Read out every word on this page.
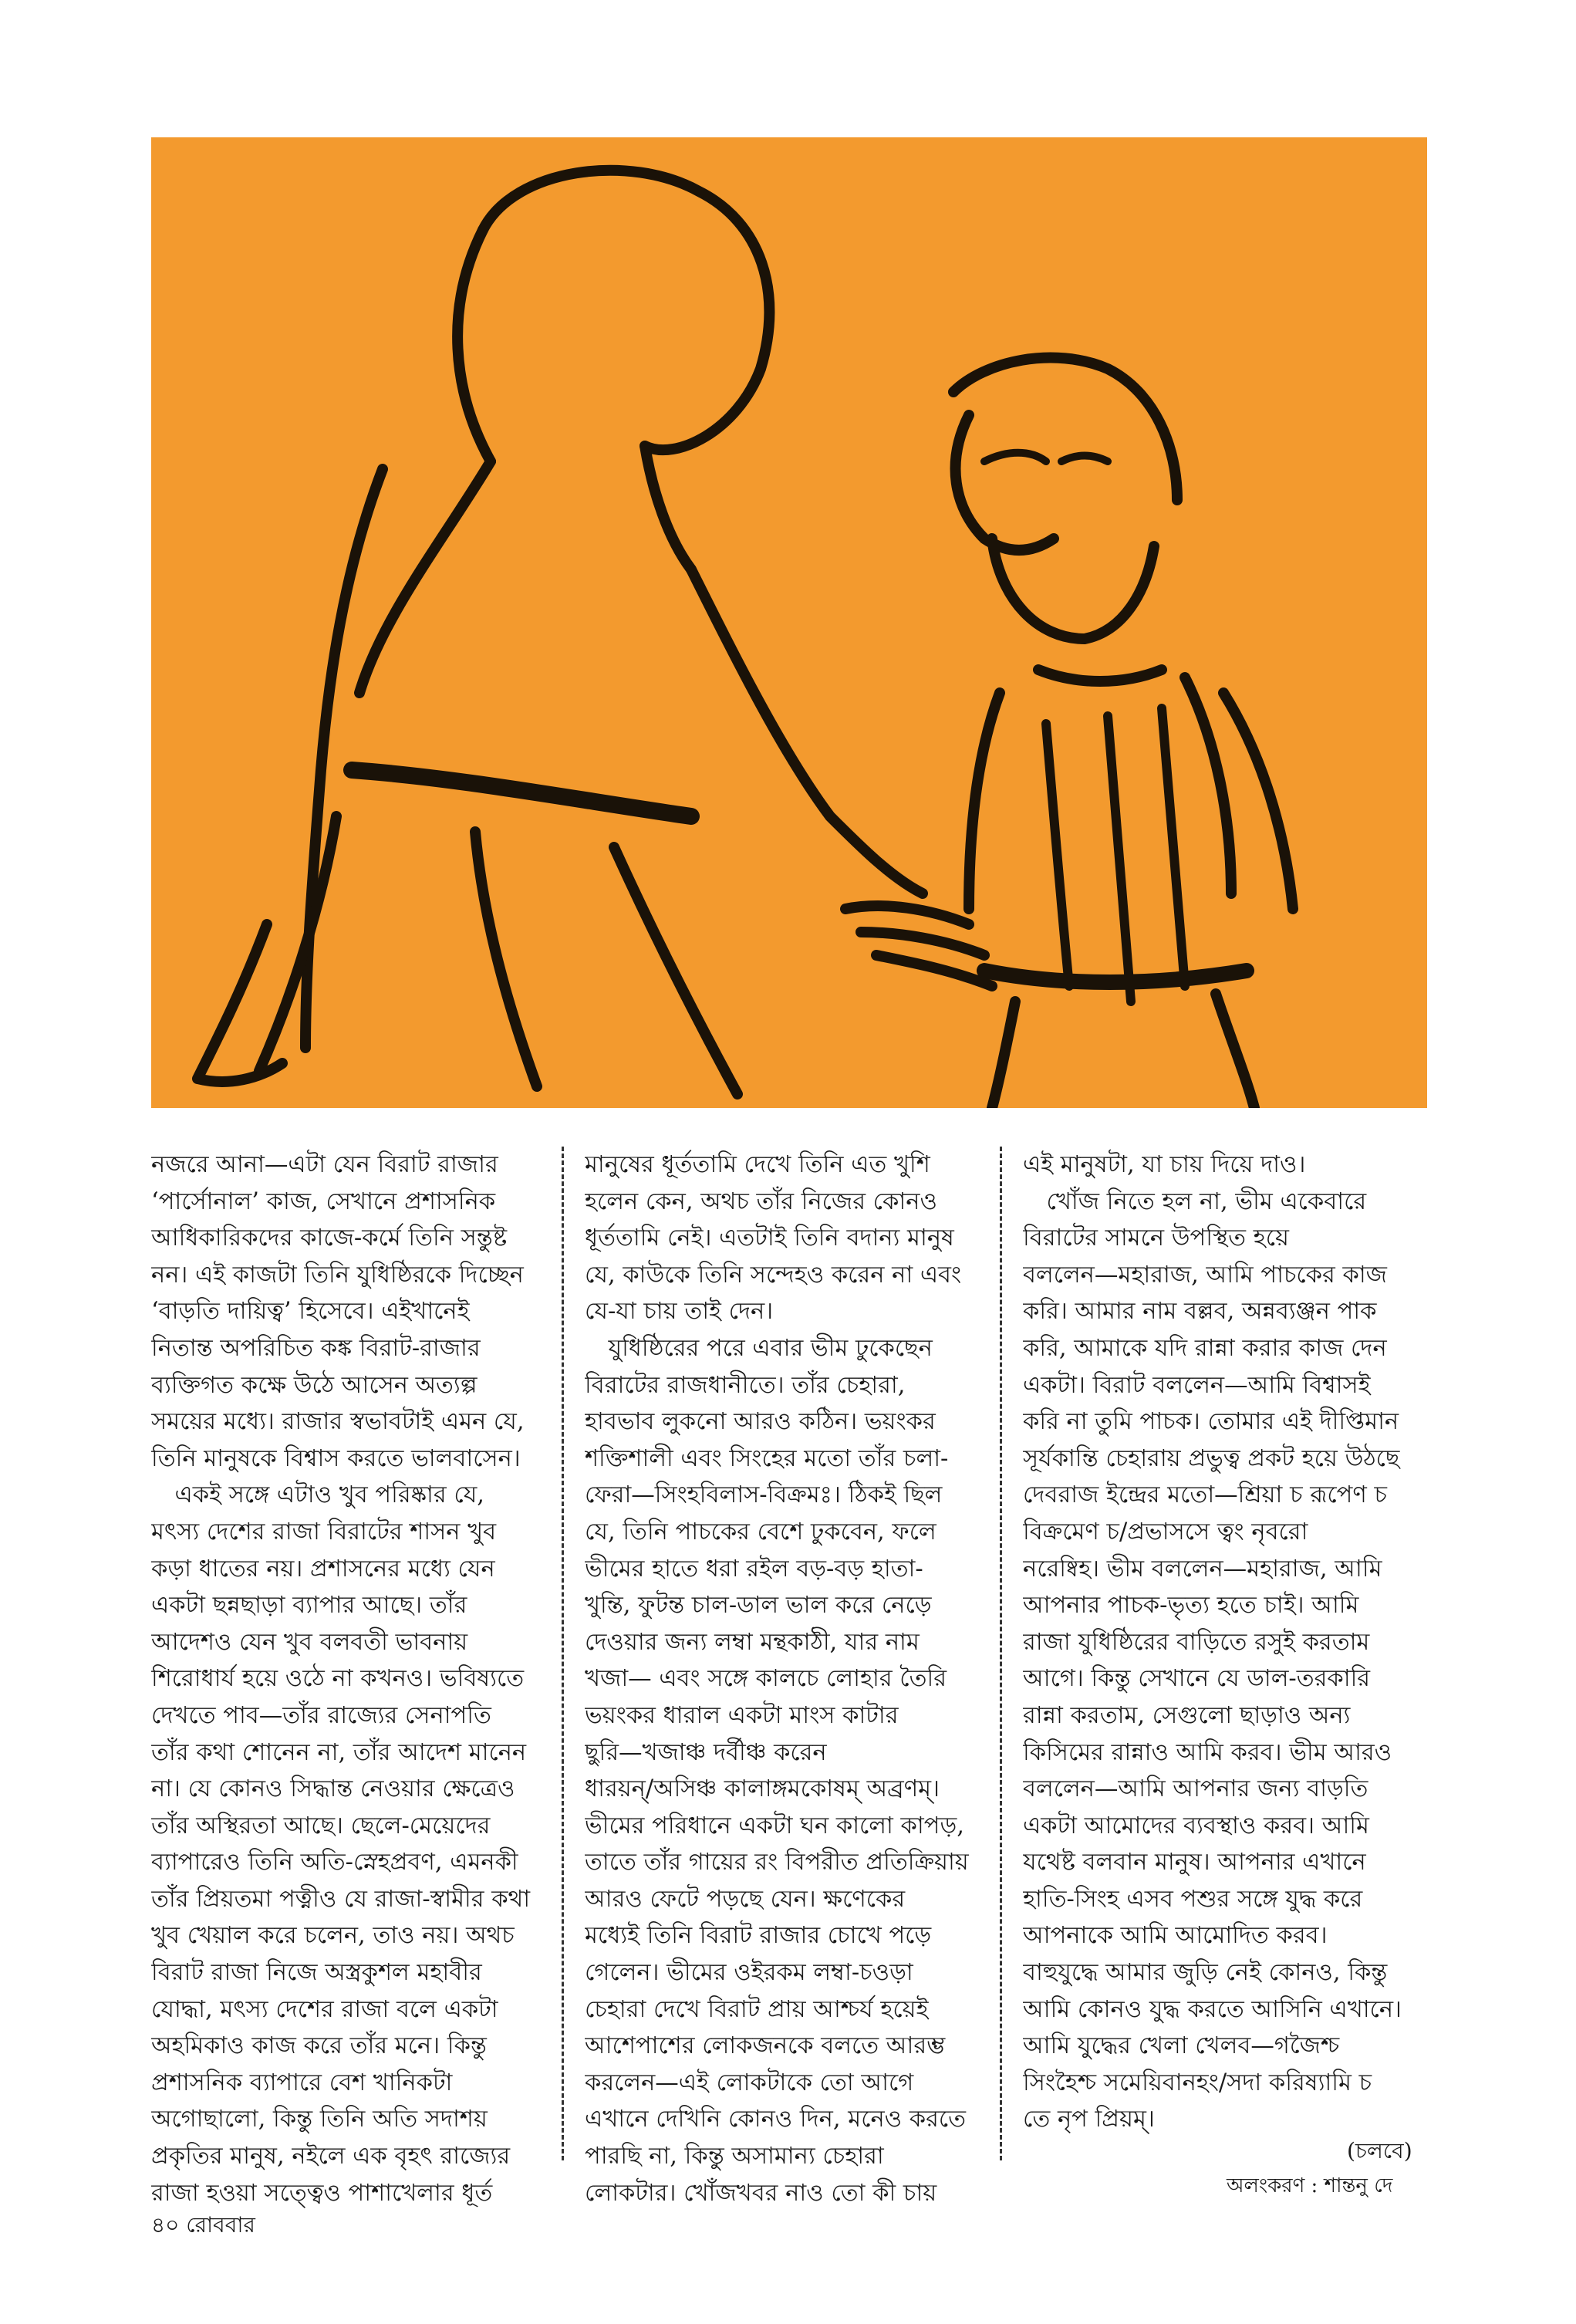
নজরে আনা—এটা যেন বিরাট রাজার

‘পার্সোনাল’ কাজ, সেখানে প্রশাসনিক

আধিকারিকদের কাজে-কর্মে তিনি সন্তুষ্ট

নন। এই কাজটা তিনি যুধিষ্ঠিরকে দিচ্ছেন

‘বাড়তি দায়িত্ব’ হিসেবে। এইখানেই

নিতান্ত অপরিচিত কঙ্ক বিরাট-রাজার

ব্যক্তিগত কক্ষে উঠে আসেন অত্যল্প

সময়ের মধ্যে। রাজার স্বভাবটাই এমন যে,

তিনি মানুষকে বিশ্বাস করতে ভালবাসেন।

 একই সঙ্গে এটাও খুব পরিষ্কার যে,

মৎস্য দেশের রাজা বিরাটের শাসন খুব

কড়া ধাতের নয়। প্রশাসনের মধ্যে যেন

একটা ছন্নছাড়া ব্যাপার আছে। তাঁর

আদেশও যেন খুব বলবতী ভাবনায়

শিরোধার্য হয়ে ওঠে না কখনও। ভবিষ্যতে

দেখতে পাব—তাঁর রাজ্যের সেনাপতি

তাঁর কথা শোনেন না, তাঁর আদেশ মানেন

না। যে কোনও সিদ্ধান্ত নেওয়ার ক্ষেত্রেও

তাঁর অস্থিরতা আছে। ছেলে-মেয়েদের

ব্যাপারেও তিনি অতি-স্নেহপ্রবণ, এমনকী

তাঁর প্রিয়তমা পত্নীও যে রাজা-স্বামীর কথা

খুব খেয়াল করে চলেন, তাও নয়। অথচ

বিরাট রাজা নিজে অস্ত্রকুশল মহাবীর

যোদ্ধা, মৎস্য দেশের রাজা বলে একটা

অহমিকাও কাজ করে তাঁর মনে। কিন্তু

প্রশাসনিক ব্যাপারে বেশ খানিকটা

অগোছালো, কিন্তু তিনি অতি সদাশয়

প্রকৃতির মানুষ, নইলে এক বৃহৎ রাজ্যের

রাজা হওয়া সত্ত্বেও পাশাখেলার ধূর্ত

মানুষের ধূর্ততামি দেখে তিনি এত খুশি

হলেন কেন, অথচ তাঁর নিজের কোনও

ধূর্ততামি নেই। এতটাই তিনি বদান্য মানুষ

যে, কাউকে তিনি সন্দেহও করেন না এবং

যে-যা চায় তাই দেন।

 যুধিষ্ঠিরের পরে এবার ভীম ঢুকেছেন

বিরাটের রাজধানীতে। তাঁর চেহারা,

হাবভাব লুকনো আরও কঠিন। ভয়ংকর

শক্তিশালী এবং সিংহের মতো তাঁর চলা-

ফেরা—সিংহবিলাস-বিক্রমঃ। ঠিকই ছিল

যে, তিনি পাচকের বেশে ঢুকবেন, ফলে

ভীমের হাতে ধরা রইল বড়-বড় হাতা-

খুন্তি, ফুটন্ত চাল-ডাল ভাল করে নেড়ে

দেওয়ার জন্য লম্বা মন্থকাঠী, যার নাম

খজা— এবং সঙ্গে কালচে লোহার তৈরি

ভয়ংকর ধারাল একটা মাংস কাটার

ছুরি—খজাঞ্চ দর্বীঞ্চ করেন

ধারয়ন্/অসিঞ্চ কালাঙ্গমকোষম্ অব্রণম্।

ভীমের পরিধানে একটা ঘন কালো কাপড়,

তাতে তাঁর গায়ের রং বিপরীত প্রতিক্রিয়ায়

আরও ফেটে পড়ছে যেন। ক্ষণেকের

মধ্যেই তিনি বিরাট রাজার চোখে পড়ে

গেলেন। ভীমের ওইরকম লম্বা-চওড়া

চেহারা দেখে বিরাট প্রায় আশ্চর্য হয়েই

আশেপাশের লোকজনকে বলতে আরম্ভ

করলেন—এই লোকটাকে তো আগে

এখানে দেখিনি কোনও দিন, মনেও করতে

পারছি না, কিন্তু অসামান্য চেহারা

লোকটার। খোঁজখবর নাও তো কী চায়

এই মানুষটা, যা চায় দিয়ে দাও।

 খোঁজ নিতে হল না, ভীম একেবারে

বিরাটের সামনে উপস্থিত হয়ে

বললেন—মহারাজ, আমি পাচকের কাজ

করি। আমার নাম বল্লব, অন্নব্যঞ্জন পাক

করি, আমাকে যদি রান্না করার কাজ দেন

একটা। বিরাট বললেন—আমি বিশ্বাসই

করি না তুমি পাচক। তোমার এই দীপ্তিমান

সূর্যকান্তি চেহারায় প্রভুত্ব প্রকট হয়ে উঠছে

দেবরাজ ইন্দ্রের মতো—শ্রিয়া চ রূপেণ চ

বিক্রমেণ চ/প্রভাসসে ত্বং নৃবরো

নরেষ্বিহ। ভীম বললেন—মহারাজ, আমি

আপনার পাচক-ভৃত্য হতে চাই। আমি

রাজা যুধিষ্ঠিরের বাড়িতে রসুই করতাম

আগে। কিন্তু সেখানে যে ডাল-তরকারি

রান্না করতাম, সেগুলো ছাড়াও অন্য

কিসিমের রান্নাও আমি করব। ভীম আরও

বললেন—আমি আপনার জন্য বাড়তি

একটা আমোদের ব্যবস্থাও করব। আমি

যথেষ্ট বলবান মানুষ। আপনার এখানে

হাতি-সিংহ এসব পশুর সঙ্গে যুদ্ধ করে

আপনাকে আমি আমোদিত করব।

বাহুযুদ্ধে আমার জুড়ি নেই কোনও, কিন্তু

আমি কোনও যুদ্ধ করতে আসিনি এখানে।

আমি যুদ্ধের খেলা খেলব—গজৈশ্চ

সিংহৈশ্চ সমেয়িবানহং/সদা করিষ্যামি চ

তে নৃপ প্রিয়ম্।

(চলবে)
অলংকরণ : শান্তনু দে
৪০ রোববার
